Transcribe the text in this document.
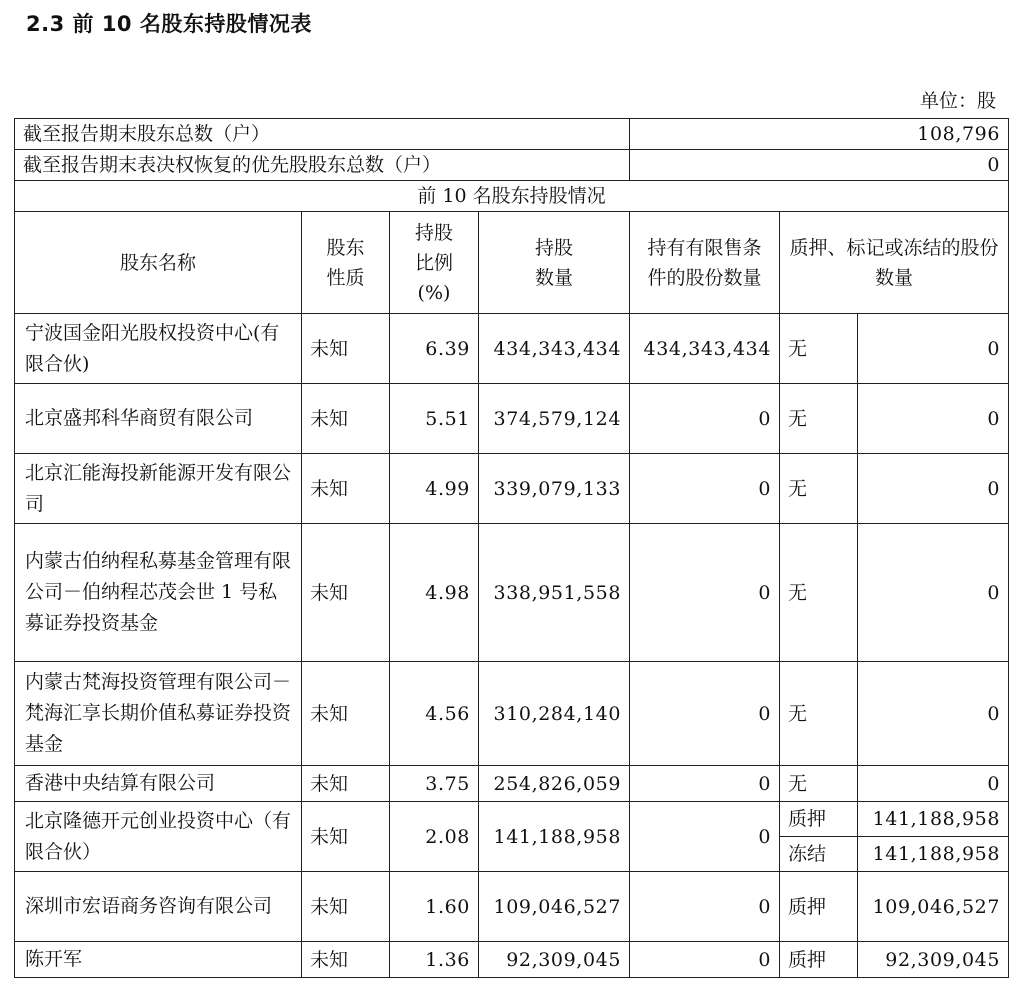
2.3 前 10 名股东持股情况表
单位：股
截至报告期末股东总数（户）				108,796		
截至报告期末表决权恢复的优先股股东总数（户）				0		
前 10 名股东持股情况						
股东名称	股东性质	持股比例(%)	持股数量	持有有限售条件的股份数量	质押、标记或冻结的股份数量	

宁波国金阳光股权投资中心(有限合伙)	未知	6.39	434,343,434	434,343,434	无	0
北京盛邦科华商贸有限公司	未知	5.51	374,579,124	0	无	0
北京汇能海投新能源开发有限公司	未知	4.99	339,079,133	0	无	0
内蒙古伯纳程私募基金管理有限公司－伯纳程芯茂会世 1 号私募证券投资基金	未知	4.98	338,951,558	0	无	0
内蒙古梵海投资管理有限公司－梵海汇享长期价值私募证券投资基金	未知	4.56	310,284,140	0	无	0
香港中央结算有限公司	未知	3.75	254,826,059	0	无	0
北京隆德开元创业投资中心（有限合伙）	未知	2.08	141,188,958	0	质押	141,188,958
					冻结	141,188,958
深圳市宏语商务咨询有限公司	未知	1.60	109,046,527	0	质押	109,046,527
陈开军	未知	1.36	92,309,045	0	质押	92,309,045
